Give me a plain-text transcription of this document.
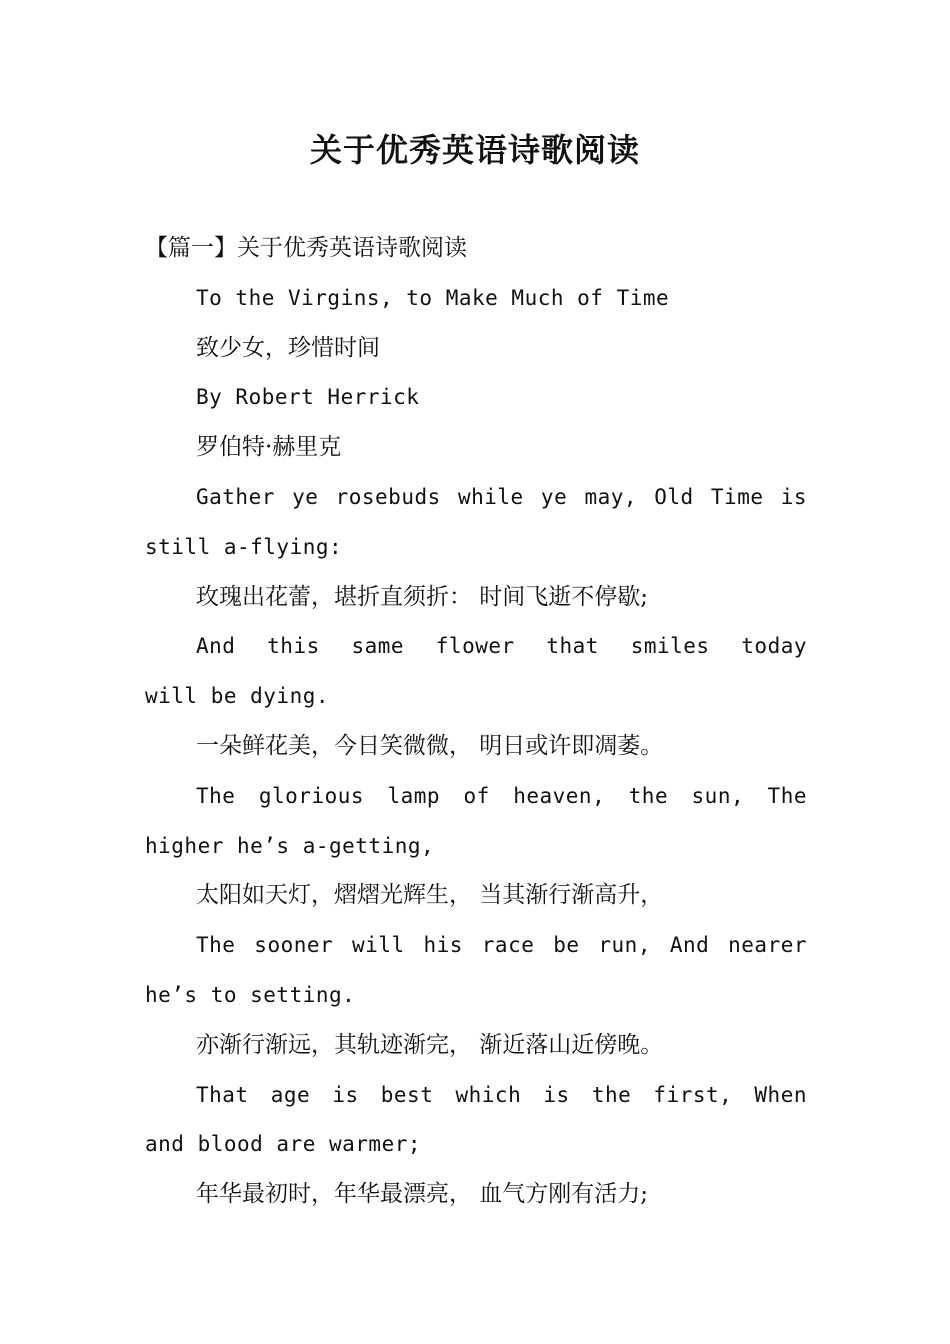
关于优秀英语诗歌阅读

【篇一】关于优秀英语诗歌阅读

To the Virgins, to Make Much of Time

致少女，珍惜时间

By Robert Herrick

罗伯特·赫里克

Gather ye rosebuds while ye may, Old Time is

still a-flying:

玫瑰出花蕾，堪折直须折： 时间飞逝不停歇;

And this same flower that smiles today

will be dying.

一朵鲜花美，今日笑微微， 明日或许即凋萎。

The glorious lamp of heaven, the sun, The

higher he’s a-getting,

太阳如天灯，熠熠光辉生， 当其渐行渐高升，

The sooner will his race be run, And nearer

he’s to setting.

亦渐行渐远，其轨迹渐完， 渐近落山近傍晚。

That age is best which is the first, When

and blood are warmer;

年华最初时，年华最漂亮， 血气方刚有活力;
